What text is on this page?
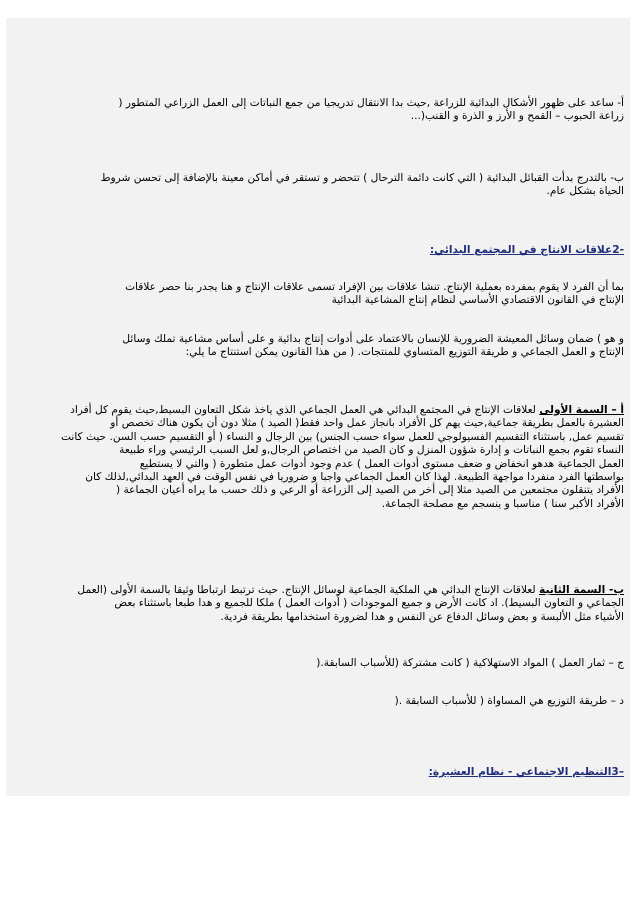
أ- ساعد على ظهور الأشكال البدائية للزراعة ,حيث بدا الانتقال تدريجيا من جمع النباتات إلى العمل الزراعي المتطور (
زراعة الحبوب – القمح و الأرز و الذرة و القنب(...
ب- بالتدرج بدأت القبائل البدائية ( التي كانت دائمة الترحال ) تتحضر و تستقر في أماكن معينة بالإضافة إلى تحسن شروط
الحياة بشكل عام.
-2علاقات الانتاج في المجتمع البدائي:
بما أن الفرد لا يقوم بمفرده بعملية الإنتاج. تنشا علاقات بين الإفراد تسمى علاقات الإنتاج و هنا يجدر بنا حصر علاقات
الإنتاج في القانون الاقتصادي الأساسي لنظام إنتاج المشاعية البدائية
و هو ) ضمان وسائل المعيشة الضرورية للإنسان بالاعتماد على أدوات إنتاج بدائية و على أساس مشاعية تملك وسائل
الإنتاج و العمل الجماعي و طريقة التوزيع المتساوي للمنتجات. ( من هذا القانون يمكن استنتاج ما يلي:
أ – السمة الأولى لعلاقات الإنتاج في المجتمع البدائي هي العمل الجماعي الذي ياخذ شكل التعاون البسيط,حيث يقوم كل أفراد
العشيرة بالعمل بطريقة جماعية,حيث يهم كل الأفراد بانجاز عمل واحد فقط( الصيد ) مثلا دون أن يكون هناك تخصص أو
تقسيم عمل, باستثناء التقسيم الفسيولوجي للعمل سواء حسب الجنس) بين الرجال و النساء ( أو التقسيم حسب السن. حيث كانت
النساء تقوم بجمع النباتات و إدارة شؤون المنزل و كان الصيد من اختصاص الرجال,و لعل السبب الرئيسي وراء طبيعة
العمل الجماعية هدهو انخفاض و ضعف مستوى أدوات العمل ) عدم وجود أدوات عمل متطورة ( والتي لا يستطيع
بواسطتها الفرد منفردا مواجهة الطبيعة. لهذا كان العمل الجماعي واجبا و ضروريا في نفس الوقت في العهد البدائي,لذلك كان
الأفراد يتنقلون مجتمعين من الصيد مثلا إلى أخر من الصيد إلى الزراعة أو الرعي و ذلك حسب ما يراه أعيان الجماعة (
الأفراد الأكبر سنا ) مناسبا و ينسجم مع مصلحة الجماعة.
ب- السمة الثانية لعلاقات الإنتاج البدائي هي الملكية الجماعية لوسائل الإنتاج. حيث ترتبط ارتباطا وثيقا بالسمة الأولى (العمل
الجماعي و التعاون البسيط). اد كانت الأرض و جميع الموجودات ( أدوات العمل ) ملكا للجميع و هدا طبعا باستثناء بعض
الأشياء مثل الألبسة و بعض وسائل الدفاع عن النفس و هدا لضرورة استخدامها بطريقة فردية.
ج – ثمار العمل ) المواد الاستهلاكية ( كانت مشتركة (للأسباب السابقة.(
د – طريقة التوزيع هي المساواة ( للأسباب السابقة .(
–3التنظيم الاجتماعي - نظام العشيرة:
